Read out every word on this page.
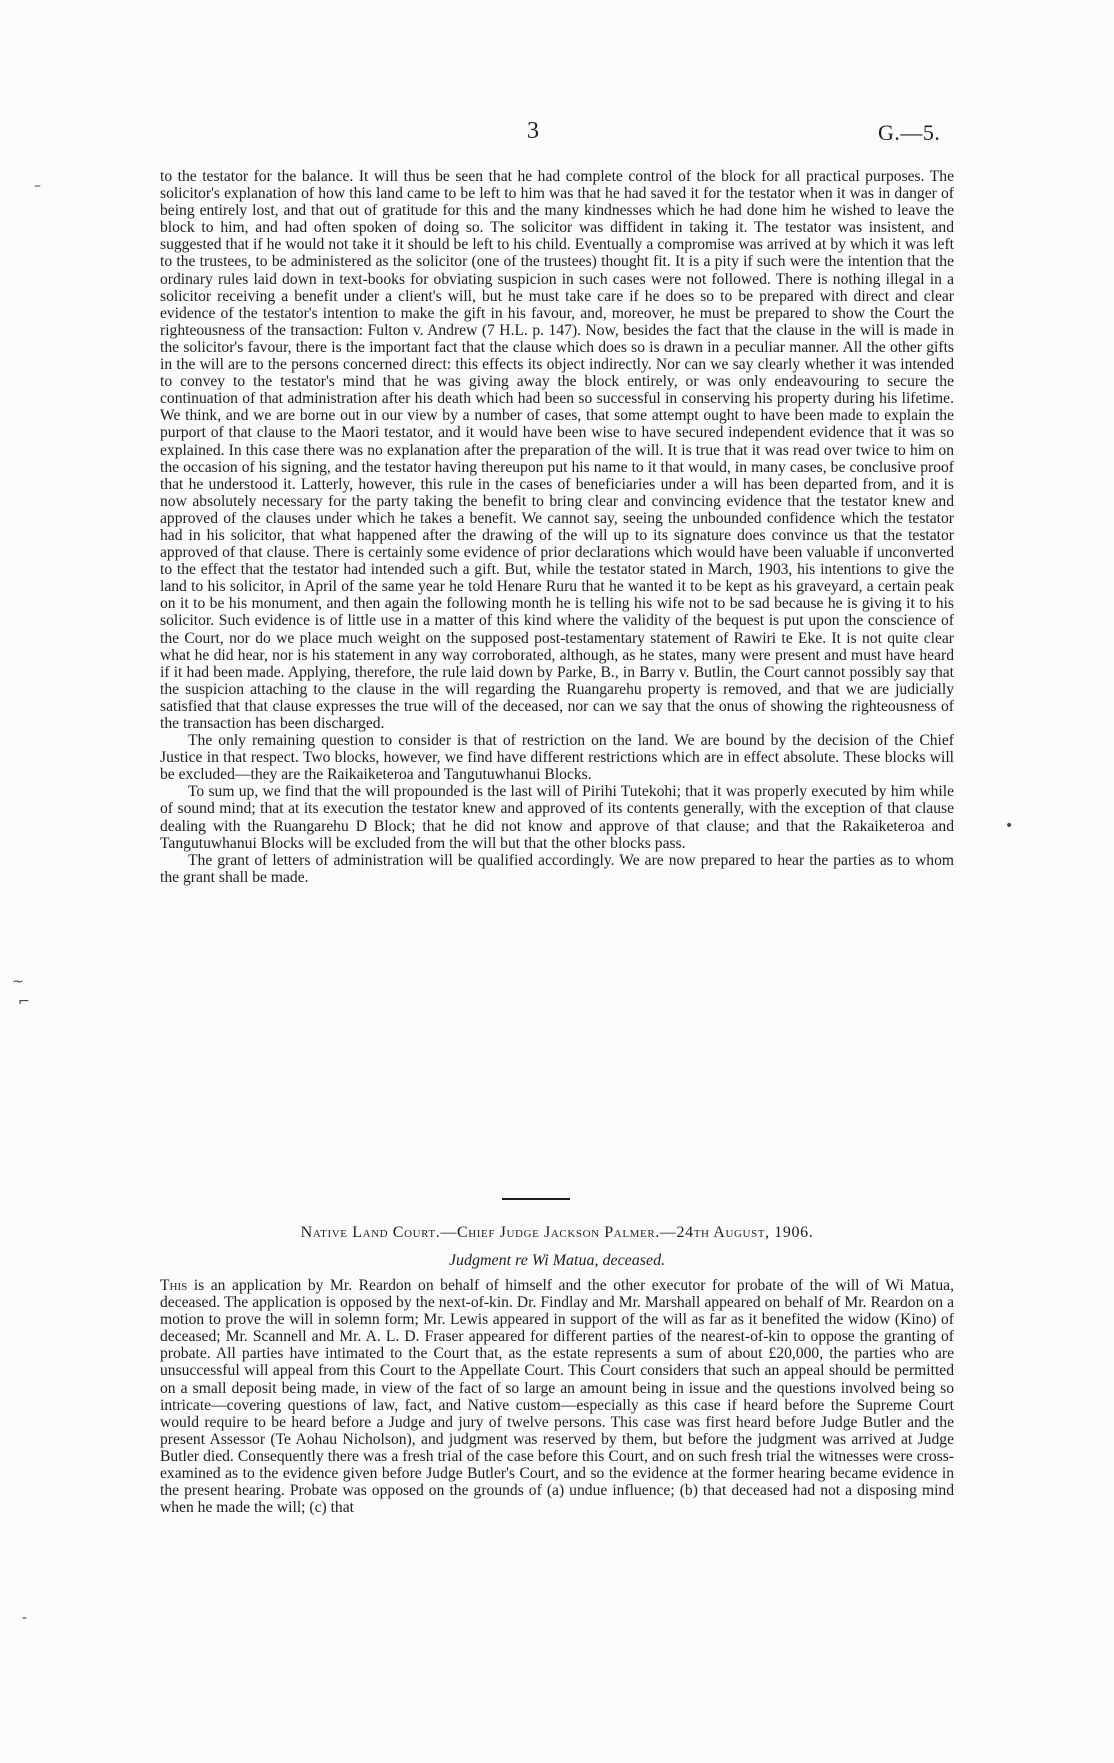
3	G.—5.

to the testator for the balance. It will thus be seen that he had complete control of the block for all practical purposes. The solicitor's explanation of how this land came to be left to him was that he had saved it for the testator when it was in danger of being entirely lost, and that out of gratitude for this and the many kindnesses which he had done him he wished to leave the block to him, and had often spoken of doing so. The solicitor was diffident in taking it. The testator was insistent, and suggested that if he would not take it it should be left to his child. Eventually a compromise was arrived at by which it was left to the trustees, to be administered as the solicitor (one of the trustees) thought fit. It is a pity if such were the intention that the ordinary rules laid down in text-books for obviating suspicion in such cases were not followed. There is nothing illegal in a solicitor receiving a benefit under a client's will, but he must take care if he does so to be prepared with direct and clear evidence of the testator's intention to make the gift in his favour, and, moreover, he must be prepared to show the Court the righteousness of the transaction: Fulton v. Andrew (7 H.L. p. 147). Now, besides the fact that the clause in the will is made in the solicitor's favour, there is the important fact that the clause which does so is drawn in a peculiar manner. All the other gifts in the will are to the persons concerned direct: this effects its object indirectly. Nor can we say clearly whether it was intended to convey to the testator's mind that he was giving away the block entirely, or was only endeavouring to secure the continuation of that administration after his death which had been so successful in conserving his property during his lifetime. We think, and we are borne out in our view by a number of cases, that some attempt ought to have been made to explain the purport of that clause to the Maori testator, and it would have been wise to have secured independent evidence that it was so explained. In this case there was no explanation after the preparation of the will. It is true that it was read over twice to him on the occasion of his signing, and the testator having thereupon put his name to it that would, in many cases, be conclusive proof that he understood it. Latterly, however, this rule in the cases of beneficiaries under a will has been departed from, and it is now absolutely necessary for the party taking the benefit to bring clear and convincing evidence that the testator knew and approved of the clauses under which he takes a benefit. We cannot say, seeing the unbounded confidence which the testator had in his solicitor, that what happened after the drawing of the will up to its signature does convince us that the testator approved of that clause. There is certainly some evidence of prior declarations which would have been valuable if unconverted to the effect that the testator had intended such a gift. But, while the testator stated in March, 1903, his intentions to give the land to his solicitor, in April of the same year he told Henare Ruru that he wanted it to be kept as his graveyard, a certain peak on it to be his monument, and then again the following month he is telling his wife not to be sad because he is giving it to his solicitor. Such evidence is of little use in a matter of this kind where the validity of the bequest is put upon the conscience of the Court, nor do we place much weight on the supposed post-testamentary statement of Rawiri te Eke. It is not quite clear what he did hear, nor is his statement in any way corroborated, although, as he states, many were present and must have heard if it had been made. Applying, therefore, the rule laid down by Parke, B., in Barry v. Butlin, the Court cannot possibly say that the suspicion attaching to the clause in the will regarding the Ruangarehu property is removed, and that we are judicially satisfied that that clause expresses the true will of the deceased, nor can we say that the onus of showing the righteousness of the transaction has been discharged.

The only remaining question to consider is that of restriction on the land. We are bound by the decision of the Chief Justice in that respect. Two blocks, however, we find have different restrictions which are in effect absolute. These blocks will be excluded—they are the Raikaiketeroa and Tangutuwhanui Blocks.

To sum up, we find that the will propounded is the last will of Pirihi Tutekohi; that it was properly executed by him while of sound mind; that at its execution the testator knew and approved of its contents generally, with the exception of that clause dealing with the Ruangarehu D Block; that he did not know and approve of that clause; and that the Rakaiketeroa and Tangutuwhanui Blocks will be excluded from the will but that the other blocks pass.

The grant of letters of administration will be qualified accordingly. We are now prepared to hear the parties as to whom the grant shall be made.

Native Land Court.—Chief Judge Jackson Palmer.—24th August, 1906.
Judgment re Wi Matua, deceased.

This is an application by Mr. Reardon on behalf of himself and the other executor for probate of the will of Wi Matua, deceased. The application is opposed by the next-of-kin. Dr. Findlay and Mr. Marshall appeared on behalf of Mr. Reardon on a motion to prove the will in solemn form; Mr. Lewis appeared in support of the will as far as it benefited the widow (Kino) of deceased; Mr. Scannell and Mr. A. L. D. Fraser appeared for different parties of the nearest-of-kin to oppose the granting of probate. All parties have intimated to the Court that, as the estate represents a sum of about £20,000, the parties who are unsuccessful will appeal from this Court to the Appellate Court. This Court considers that such an appeal should be permitted on a small deposit being made, in view of the fact of so large an amount being in issue and the questions involved being so intricate—covering questions of law, fact, and Native custom—especially as this case if heard before the Supreme Court would require to be heard before a Judge and jury of twelve persons. This case was first heard before Judge Butler and the present Assessor (Te Aohau Nicholson), and judgment was reserved by them, but before the judgment was arrived at Judge Butler died. Consequently there was a fresh trial of the case before this Court, and on such fresh trial the witnesses were cross-examined as to the evidence given before Judge Butler's Court, and so the evidence at the former hearing became evidence in the present hearing. Probate was opposed on the grounds of (a) undue influence; (b) that deceased had not a disposing mind when he made the will; (c) that

–
~
⌐
•
-
